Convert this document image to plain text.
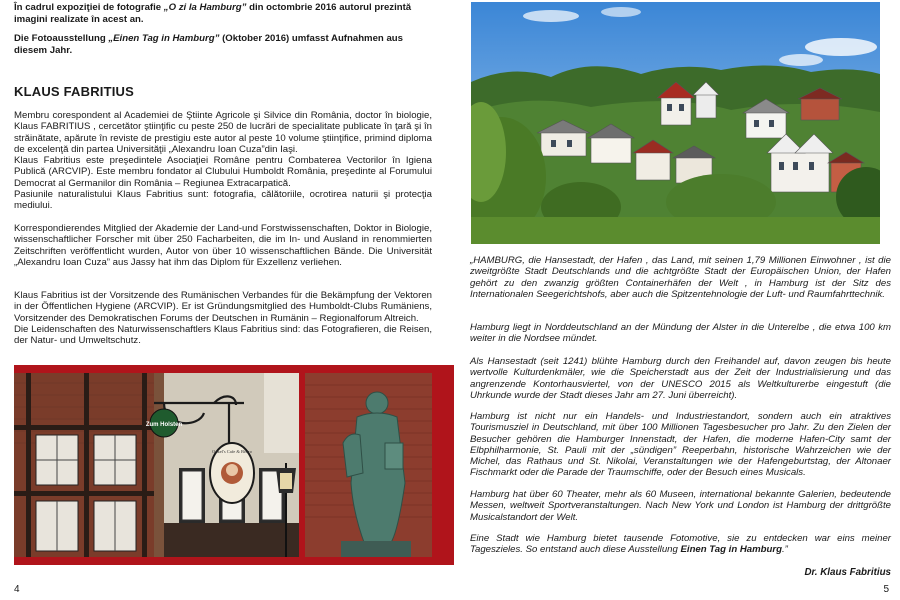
În cadrul expoziţiei de fotografie „O zi la Hamburg” din octombrie 2016 autorul prezintă imagini realizate în acest an.

Die Fotoausstellung „Einen Tag in Hamburg” (Oktober 2016) umfasst Aufnahmen aus diesem Jahr.

KLAUS FABRITIUS

Membru corespondent al Academiei de Ştiinte Agricole şi Silvice din România, doctor în biologie, Klaus FABRITIUS , cercetător ştiinţific cu peste 250 de lucrări de specialitate publicate în ţară şi în străinătate, apărute în reviste de prestigiu este autor al peste 10 volume ştiinţifice, primind diploma de excelenţă din partea Universităţii „Alexandru Ioan Cuza”din Iaşi.

Klaus Fabritius este preşedintele Asociaţiei Române pentru Combaterea Vectorilor în Igiena Publică (ARCVIP). Este membru fondator al Clubului Humboldt România, preşedinte al Forumului Democrat al Germanilor din România – Regiunea Extracarpatică.

Pasiunile naturalistului Klaus Fabritius sunt: fotografia, călătoriile, ocrotirea naturii şi protecţia mediului.

Korrespondierendes Mitglied der Akademie der Land-und Forstwissenschaften, Doktor in Biologie, wissenschaftlicher Forscher mit über 250 Facharbeiten, die im In- und Ausland in renommierten Zeitschriften veröffentlicht wurden, Autor von über 10 wissenschaftlichen Bände. Die Universität „Alexandru Ioan Cuza” aus Jassy hat ihm das Diplom für Exzellenz verliehen.

Klaus Fabritius ist der Vorsitzende des Rumänischen Verbandes für die Bekämpfung der Vektoren in der Öffentlichen Hygiene (ARCVIP). Er ist Gründungsmitglied des Humboldt-Clubs Rumäniens, Vorsitzender des Demokratischen Forums der Deutschen in Rumänin – Regionalforum Altreich.

Die Leidenschaften des Naturwissenschaftlers Klaus Fabritius sind: das Fotografieren, die Reisen, der Natur- und Umweltschutz.

Zum Holsten
Onkel's Cafe & Bistro
4

„HAMBURG, die Hansestadt, der Hafen , das Land, mit seinen 1,79 Millionen Einwohner , ist die zweitgrößte Stadt Deutschlands und die achtgrößte Stadt der Europäischen Union, der Hafen gehört zu den zwanzig größten Containerhäfen der Welt , in Hamburg ist der Sitz des Internationalen Seegerichtshofs, aber auch die Spitzentehnologie der Luft- und Raumfahrttechnik.

Hamburg liegt in Norddeutschland an der Mündung der Alster in die Unterelbe , die etwa 100 km weiter in die Nordsee mündet.

Als Hansestadt (seit 1241) blühte Hamburg durch den Freihandel auf, davon zeugen bis heute wertvolle Kulturdenkmäler, wie die Speicherstadt aus der Zeit der Industrialisierung und das angrenzende Kontorhausviertel, von der UNESCO 2015 als Weltkulturerbe eingestuft (die Uhrkunde wurde der Stadt dieses Jahr am 27. Juni überreicht).

Hamburg ist nicht nur ein Handels- und Industriestandort, sondern auch ein atraktives Tourismusziel in Deutschland, mit über 100 Millionen Tagesbesucher pro Jahr. Zu den Zielen der Besucher gehören die Hamburger Innenstadt, der Hafen, die moderne Hafen-City samt der Elbphilharmonie, St. Pauli mit der „sündigen” Reeperbahn, historische Wahrzeichen wie der Michel, das Rathaus und St. Nikolai, Veranstaltungen wie der Hafengeburtstag, der Altonaer Fischmarkt oder die Parade der Traumschiffe, oder der Besuch eines Musicals.

Hamburg hat über 60 Theater, mehr als 60 Museen, international bekannte Galerien, bedeutende Messen, weltweit Sportveranstaltungen. Nach New York und London ist Hamburg der drittgrößte Musicalstandort der Welt.

Eine Stadt wie Hamburg bietet tausende Fotomotive, sie zu entdecken war eins meiner Tageszieles. So entstand auch diese Ausstellung Einen Tag in Hamburg.”

Dr. Klaus Fabritius
5
